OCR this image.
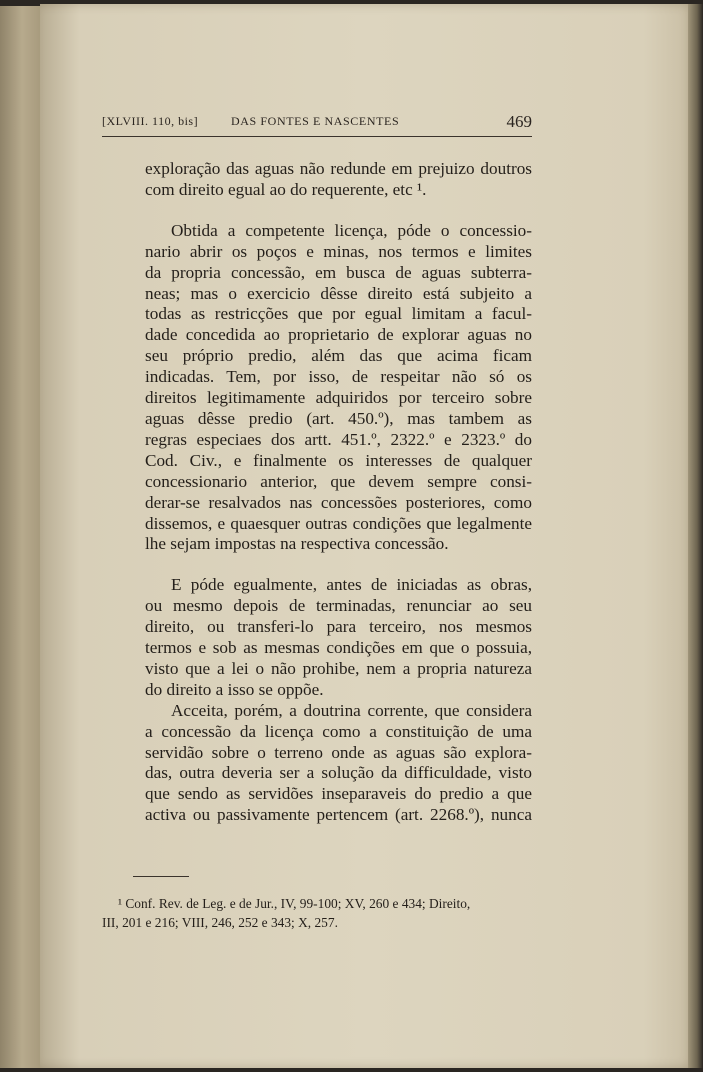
[XLVIII. 110, bis]	DAS FONTES E NASCENTES	469
exploração das aguas não redunde em prejuizo doutros
com direito egual ao do requerente, etc ¹.
Obtida a competente licença, póde o concessio-
nario abrir os poços e minas, nos termos e limites
da propria concessão, em busca de aguas subterra-
neas; mas o exercicio dêsse direito está subjeito a
todas as restricções que por egual limitam a facul-
dade concedida ao proprietario de explorar aguas no
seu próprio predio, além das que acima ficam
indicadas. Tem, por isso, de respeitar não só os
direitos legitimamente adquiridos por terceiro sobre
aguas dêsse predio (art. 450.º), mas tambem as
regras especiaes dos artt. 451.º, 2322.º e 2323.º do
Cod. Civ., e finalmente os interesses de qualquer
concessionario anterior, que devem sempre consi-
derar-se resalvados nas concessões posteriores, como
dissemos, e quaesquer outras condições que legalmente
lhe sejam impostas na respectiva concessão.
E póde egualmente, antes de iniciadas as obras,
ou mesmo depois de terminadas, renunciar ao seu
direito, ou transferi-lo para terceiro, nos mesmos
termos e sob as mesmas condições em que o possuia,
visto que a lei o não prohibe, nem a propria natureza
do direito a isso se oppõe.
Acceita, porém, a doutrina corrente, que considera
a concessão da licença como a constituição de uma
servidão sobre o terreno onde as aguas são explora-
das, outra deveria ser a solução da difficuldade, visto
que sendo as servidões inseparaveis do predio a que
activa ou passivamente pertencem (art. 2268.º), nunca
¹ Conf. Rev. de Leg. e de Jur., IV, 99-100; XV, 260 e 434; Direito,
III, 201 e 216; VIII, 246, 252 e 343; X, 257.
